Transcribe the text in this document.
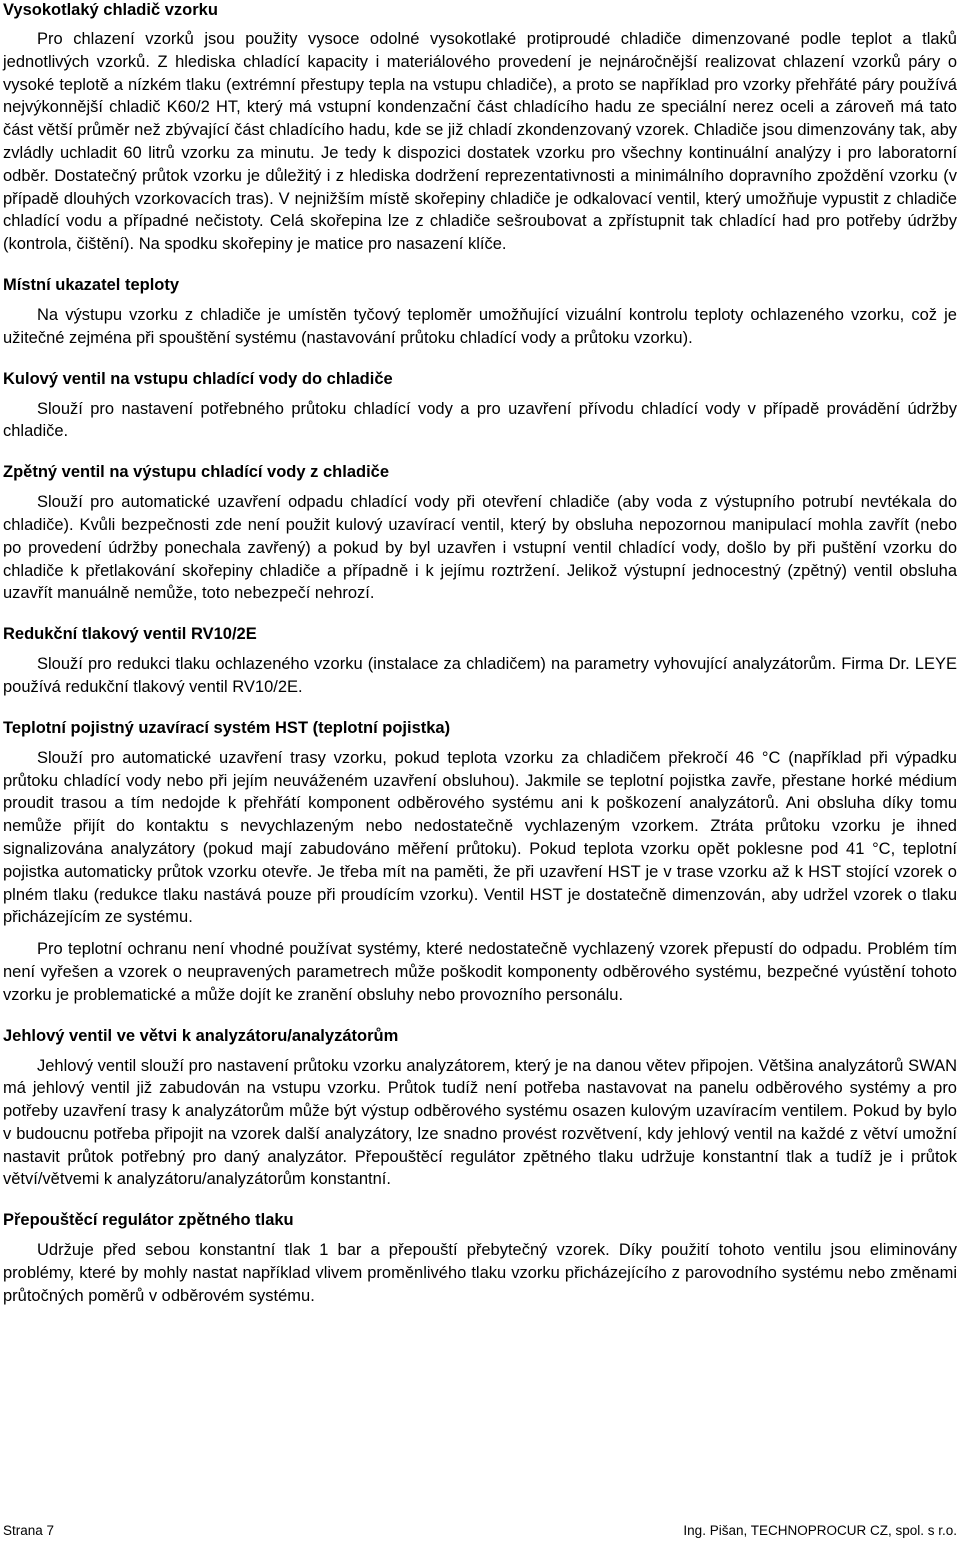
Vysokotlaký chladič vzorku

Pro chlazení vzorků jsou použity vysoce odolné vysokotlaké protiproudé chladiče dimenzované podle teplot a tlaků jednotlivých vzorků. Z hlediska chladící kapacity i materiálového provedení je nejnáročnější realizovat chlazení vzorků páry o vysoké teplotě a nízkém tlaku (extrémní přestupy tepla na vstupu chladiče), a proto se například pro vzorky přehřáté páry používá nejvýkonnější chladič K60/2 HT, který má vstupní kondenzační část chladícího hadu ze speciální nerez oceli a zároveň má tato část větší průměr než zbývající část chladícího hadu, kde se již chladí zkondenzovaný vzorek. Chladiče jsou dimenzovány tak, aby zvládly uchladit 60 litrů vzorku za minutu. Je tedy k dispozici dostatek vzorku pro všechny kontinuální analýzy i pro laboratorní odběr. Dostatečný průtok vzorku je důležitý i z hlediska dodržení reprezentativnosti a minimálního dopravního zpoždění vzorku (v případě dlouhých vzorkovacích tras). V nejnižším místě skořepiny chladiče je odkalovací ventil, který umožňuje vypustit z chladiče chladící vodu a případné nečistoty. Celá skořepina lze z chladiče sešroubovat a zpřístupnit tak chladící had pro potřeby údržby (kontrola, čištění). Na spodku skořepiny je matice pro nasazení klíče.

Místní ukazatel teploty

Na výstupu vzorku z chladiče je umístěn tyčový teploměr umožňující vizuální kontrolu teploty ochlazeného vzorku, což je užitečné zejména při spouštění systému (nastavování průtoku chladící vody a průtoku vzorku).

Kulový ventil na vstupu chladící vody do chladiče

Slouží pro nastavení potřebného průtoku chladící vody a pro uzavření přívodu chladící vody v případě provádění údržby chladiče.

Zpětný ventil na výstupu chladící vody z chladiče

Slouží pro automatické uzavření odpadu chladící vody při otevření chladiče (aby voda z výstupního potrubí nevtékala do chladiče). Kvůli bezpečnosti zde není použit kulový uzavírací ventil, který by obsluha nepozornou manipulací mohla zavřít (nebo po provedení údržby ponechala zavřený) a pokud by byl uzavřen i vstupní ventil chladící vody, došlo by při puštění vzorku do chladiče k přetlakování skořepiny chladiče a případně i k jejímu roztržení. Jelikož výstupní jednocestný (zpětný) ventil obsluha uzavřít manuálně nemůže, toto nebezpečí nehrozí.

Redukční tlakový ventil RV10/2E

Slouží pro redukci tlaku ochlazeného vzorku (instalace za chladičem) na parametry vyhovující analyzátorům. Firma Dr. LEYE používá redukční tlakový ventil RV10/2E.

Teplotní pojistný uzavírací systém HST (teplotní pojistka)

Slouží pro automatické uzavření trasy vzorku, pokud teplota vzorku za chladičem překročí 46 °C (například při výpadku průtoku chladící vody nebo při jejím neuváženém uzavření obsluhou). Jakmile se teplotní pojistka zavře, přestane horké médium proudit trasou a tím nedojde k přehřátí komponent odběrového systému ani k poškození analyzátorů. Ani obsluha díky tomu nemůže přijít do kontaktu s nevychlazeným nebo nedostatečně vychlazeným vzorkem. Ztráta průtoku vzorku je ihned signalizována analyzátory (pokud mají zabudováno měření průtoku). Pokud teplota vzorku opět poklesne pod 41 °C, teplotní pojistka automaticky průtok vzorku otevře. Je třeba mít na paměti, že při uzavření HST je v trase vzorku až k HST stojící vzorek o plném tlaku (redukce tlaku nastává pouze při proudícím vzorku). Ventil HST je dostatečně dimenzován, aby udržel vzorek o tlaku přicházejícím ze systému.

Pro teplotní ochranu není vhodné používat systémy, které nedostatečně vychlazený vzorek přepustí do odpadu. Problém tím není vyřešen a vzorek o neupravených parametrech může poškodit komponenty odběrového systému, bezpečné vyústění tohoto vzorku je problematické a může dojít ke zranění obsluhy nebo provozního personálu.

Jehlový ventil ve větvi k analyzátoru/analyzátorům

Jehlový ventil slouží pro nastavení průtoku vzorku analyzátorem, který je na danou větev připojen. Většina analyzátorů SWAN má jehlový ventil již zabudován na vstupu vzorku. Průtok tudíž není potřeba nastavovat na panelu odběrového systémy a pro potřeby uzavření trasy k analyzátorům může být výstup odběrového systému osazen kulovým uzavíracím ventilem. Pokud by bylo v budoucnu potřeba připojit na vzorek další analyzátory, lze snadno provést rozvětvení, kdy jehlový ventil na každé z větví umožní nastavit průtok potřebný pro daný analyzátor. Přepouštěcí regulátor zpětného tlaku udržuje konstantní tlak a tudíž je i průtok větví/větvemi k analyzátoru/analyzátorům konstantní.

Přepouštěcí regulátor zpětného tlaku

Udržuje před sebou konstantní tlak 1 bar a přepouští přebytečný vzorek. Díky použití tohoto ventilu jsou eliminovány problémy, které by mohly nastat například vlivem proměnlivého tlaku vzorku přicházejícího z parovodního systému nebo změnami průtočných poměrů v odběrovém systému.

Strana 7	Ing. Pišan, TECHNOPROCUR CZ, spol. s r.o.
